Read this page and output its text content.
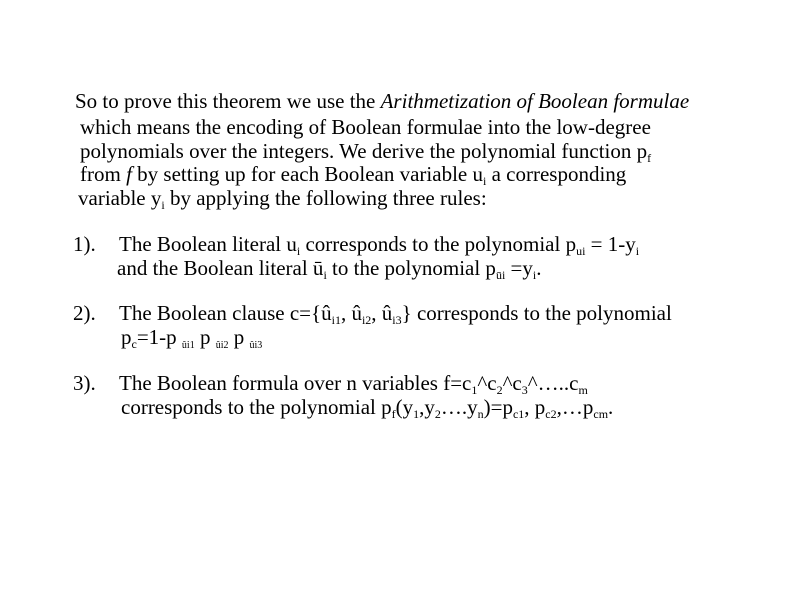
So to prove this theorem we use the Arithmetization of Boolean formulae
which means the encoding of Boolean formulae into the low-degree
polynomials over the integers. We derive the polynomial function $p_f$
from f by setting up for each Boolean variable $u_i$ a corresponding
variable $y_i$ by applying the following three rules:
1). The Boolean literal $u_i$ corresponds to the polynomial $p_{ui} = 1-y_i$
and the Boolean literal $ū_i$ to the polynomial $p_{ūi} =y_i$.
2). The Boolean clause $c=\{û_{i1}$, $û_{i2}$, $û_{i3}$} corresponds to the polynomial
$p_c=1-p$ $_{ûi1}$ p $_{ûi2}$ p $_{ûi3}$
3). The Boolean formula over n variables $f=c_1\^{}c_2\^{}c_3\^{}\dots..c_m$
corresponds to the polynomial $p_f(y_1,y_2\dots.y_n)=p_{c1}$, $p_{c2},\dots p_{cm}$.
